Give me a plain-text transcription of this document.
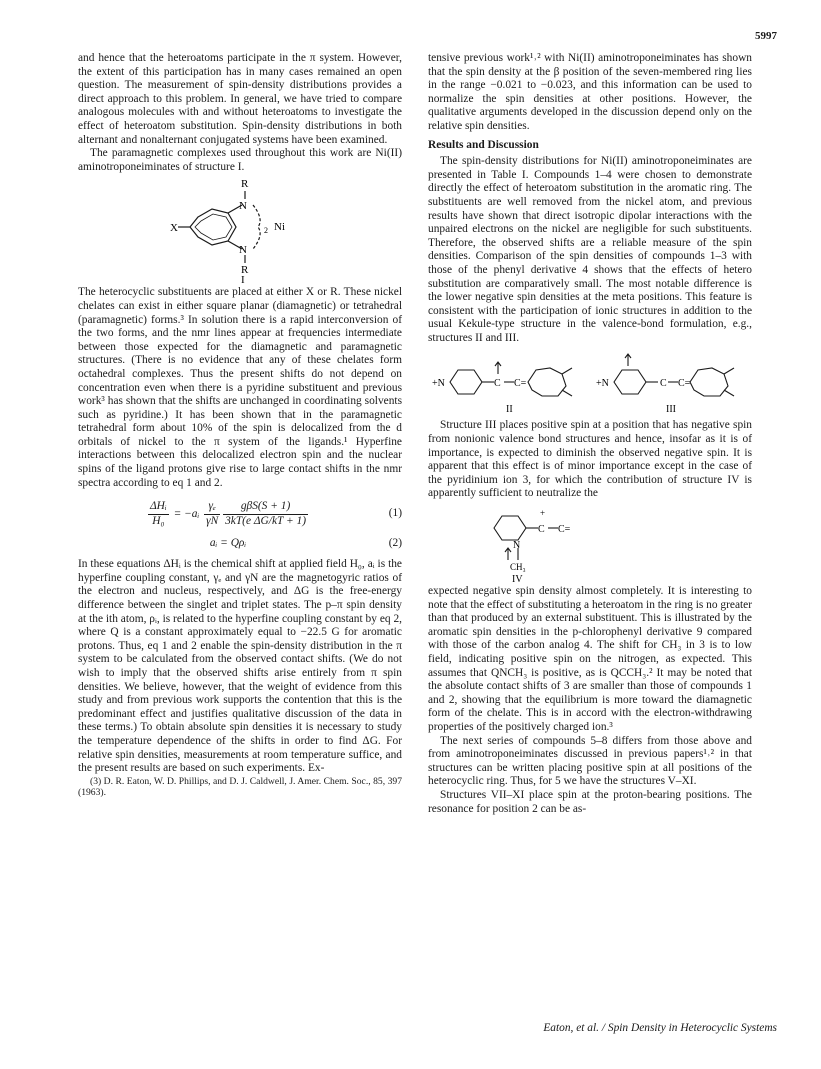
5997

and hence that the heteroatoms participate in the π system. However, the extent of this participation has in many cases remained an open question. The measurement of spin-density distributions provides a direct approach to this problem. In general, we have tried to compare analogous molecules with and without heteroatoms to investigate the effect of heteroatom substitution. Spin-density distributions in both alternant and nonalternant conjugated systems have been examined.

The paramagnetic complexes used throughout this work are Ni(II) aminotroponeiminates of structure I.

R
N
N
R
X	2 Ni
I

The heterocyclic substituents are placed at either X or R. These nickel chelates can exist in either square planar (diamagnetic) or tetrahedral (paramagnetic) forms.³ In solution there is a rapid interconversion of the two forms, and the nmr lines appear at frequencies intermediate between those expected for the diamagnetic and paramagnetic structures. (There is no evidence that any of these chelates form octahedral complexes. Thus the present shifts do not depend on concentration even when there is a pyridine substituent and previous work³ has shown that the shifts are unchanged in coordinating solvents such as pyridine.) It has been shown that in the paramagnetic tetrahedral form about 10% of the spin is delocalized from the d orbitals of nickel to the π system of the ligands.¹ Hyperfine interactions between this delocalized electron spin and the nuclear spins of the ligand protons give rise to large contact shifts in the nmr spectra according to eq 1 and 2.

$\frac{\text{ΔHᵢ}}{\text{H₀}}$ = −aᵢ $\frac{\text{γₑ}}{\gamma N}$
$\frac{\text{gβS(S + 1)}}{\text{3kT(e ΔG/kT + 1)}}$	(1)
aᵢ = Qρᵢ	(2)

In these equations ΔHᵢ is the chemical shift at applied field H₀, aᵢ is the hyperfine coupling constant, γₑ and γN are the magnetogyric ratios of the electron and nucleus, respectively, and ΔG is the free-energy difference between the singlet and triplet states. The p–π spin density at the ith atom, ρᵢ, is related to the hyperfine coupling constant by eq 2, where Q is a constant approximately equal to −22.5 G for aromatic protons. Thus, eq 1 and 2 enable the spin-density distribution in the π system to be calculated from the observed contact shifts. (We do not wish to imply that the observed shifts arise entirely from π spin densities. We believe, however, that the weight of evidence from this study and from previous work supports the contention that this is the predominant effect and justifies qualitative discussion of the data in these terms.) To obtain absolute spin densities it is necessary to study the temperature dependence of the shifts in order to find ΔG. For relative spin densities, measurements at room temperature suffice, and the present results are based on such experiments. Ex-

(3) D. R. Eaton, W. D. Phillips, and D. J. Caldwell, J. Amer. Chem. Soc., 85, 397 (1963).

tensive previous work¹˒² with Ni(II) aminotroponeiminates has shown that the spin density at the β position of the seven-membered ring lies in the range −0.021 to −0.023, and this information can be used to normalize the spin densities at other positions. However, the qualitative arguments developed in the discussion depend only on the relative spin densities.

Results and Discussion

The spin-density distributions for Ni(II) aminotroponeiminates are presented in Table I. Compounds 1–4 were chosen to demonstrate directly the effect of heteroatom substitution in the aromatic ring. The substituents are well removed from the nickel atom, and previous results have shown that direct isotropic dipolar interactions with the unpaired electrons on the nickel are negligible for such substituents. Therefore, the observed shifts are a reliable measure of the spin densities. Comparison of the spin densities of compounds 1–3 with those of the phenyl derivative 4 shows that the effects of hetero substitution are comparatively small. The most notable difference is the lower negative spin densities at the meta positions. This feature is consistent with the participation of ionic structures in addition to the usual Kekule-type structure in the valence-bond formulation, e.g., structures II and III.

+N	C C=	+N	C C=
II	III

Structure III places positive spin at a position that has negative spin from nonionic valence bond structures and hence, insofar as it is of importance, is expected to diminish the observed negative spin. It is apparent that this effect is of minor importance except in the case of the pyridinium ion 3, for which the contribution of structure IV is apparently sufficient to neutralize the

+
C C=
N
CH₃
IV

expected negative spin density almost completely. It is interesting to note that the effect of substituting a heteroatom in the ring is no greater than that produced by an external substituent. This is illustrated by the aromatic spin densities in the p-chlorophenyl derivative 9 compared with those of the carbon analog 4. The shift for CH₃ in 3 is to low field, indicating positive spin on the nitrogen, as expected. This assumes that QNCH₃ is positive, as is QCCH₃.² It may be noted that the absolute contact shifts of 3 are smaller than those of compounds 1 and 2, showing that the equilibrium is more toward the diamagnetic form of the chelate. This is in accord with the electron-withdrawing properties of the positively charged ion.³

The next series of compounds 5–8 differs from those above and from aminotroponeiminates discussed in previous papers¹˒² in that structures can be written placing positive spin at all positions of the heterocyclic ring. Thus, for 5 we have the structures V–XI.

Structures VII–XI place spin at the proton-bearing positions. The resonance for position 2 can be as-

Eaton, et al. / Spin Density in Heterocyclic Systems
